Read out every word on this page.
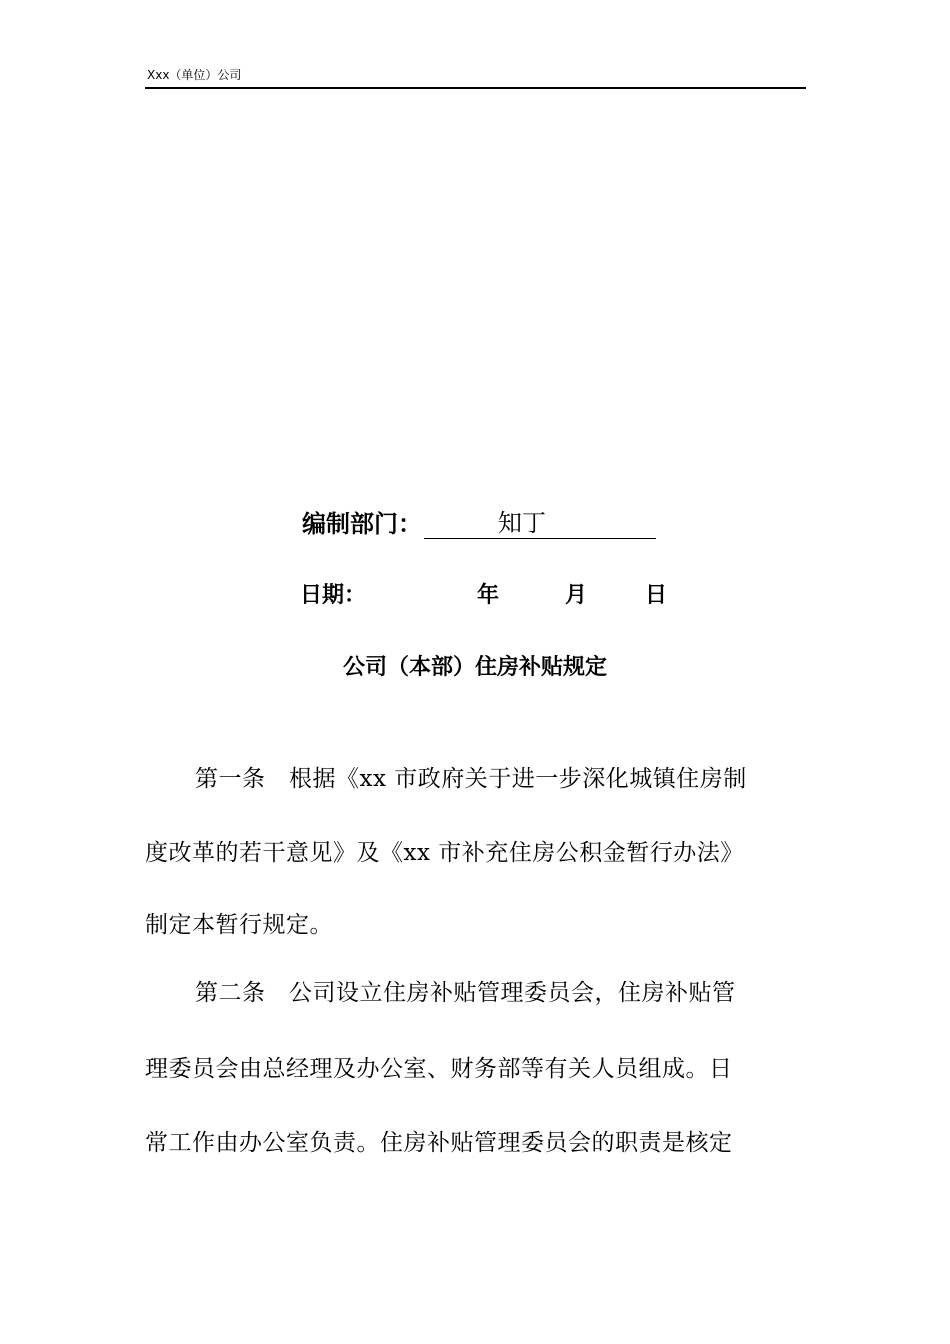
Xxx（单位）公司
编制部门：	知丁
日期：	年	月	日
公司（本部）住房补贴规定
第一条　根据《xx 市政府关于进一步深化城镇住房制
度改革的若干意见》及《xx 市补充住房公积金暂行办法》
制定本暂行规定。
第二条　公司设立住房补贴管理委员会，住房补贴管
理委员会由总经理及办公室、财务部等有关人员组成。日
常工作由办公室负责。住房补贴管理委员会的职责是核定
